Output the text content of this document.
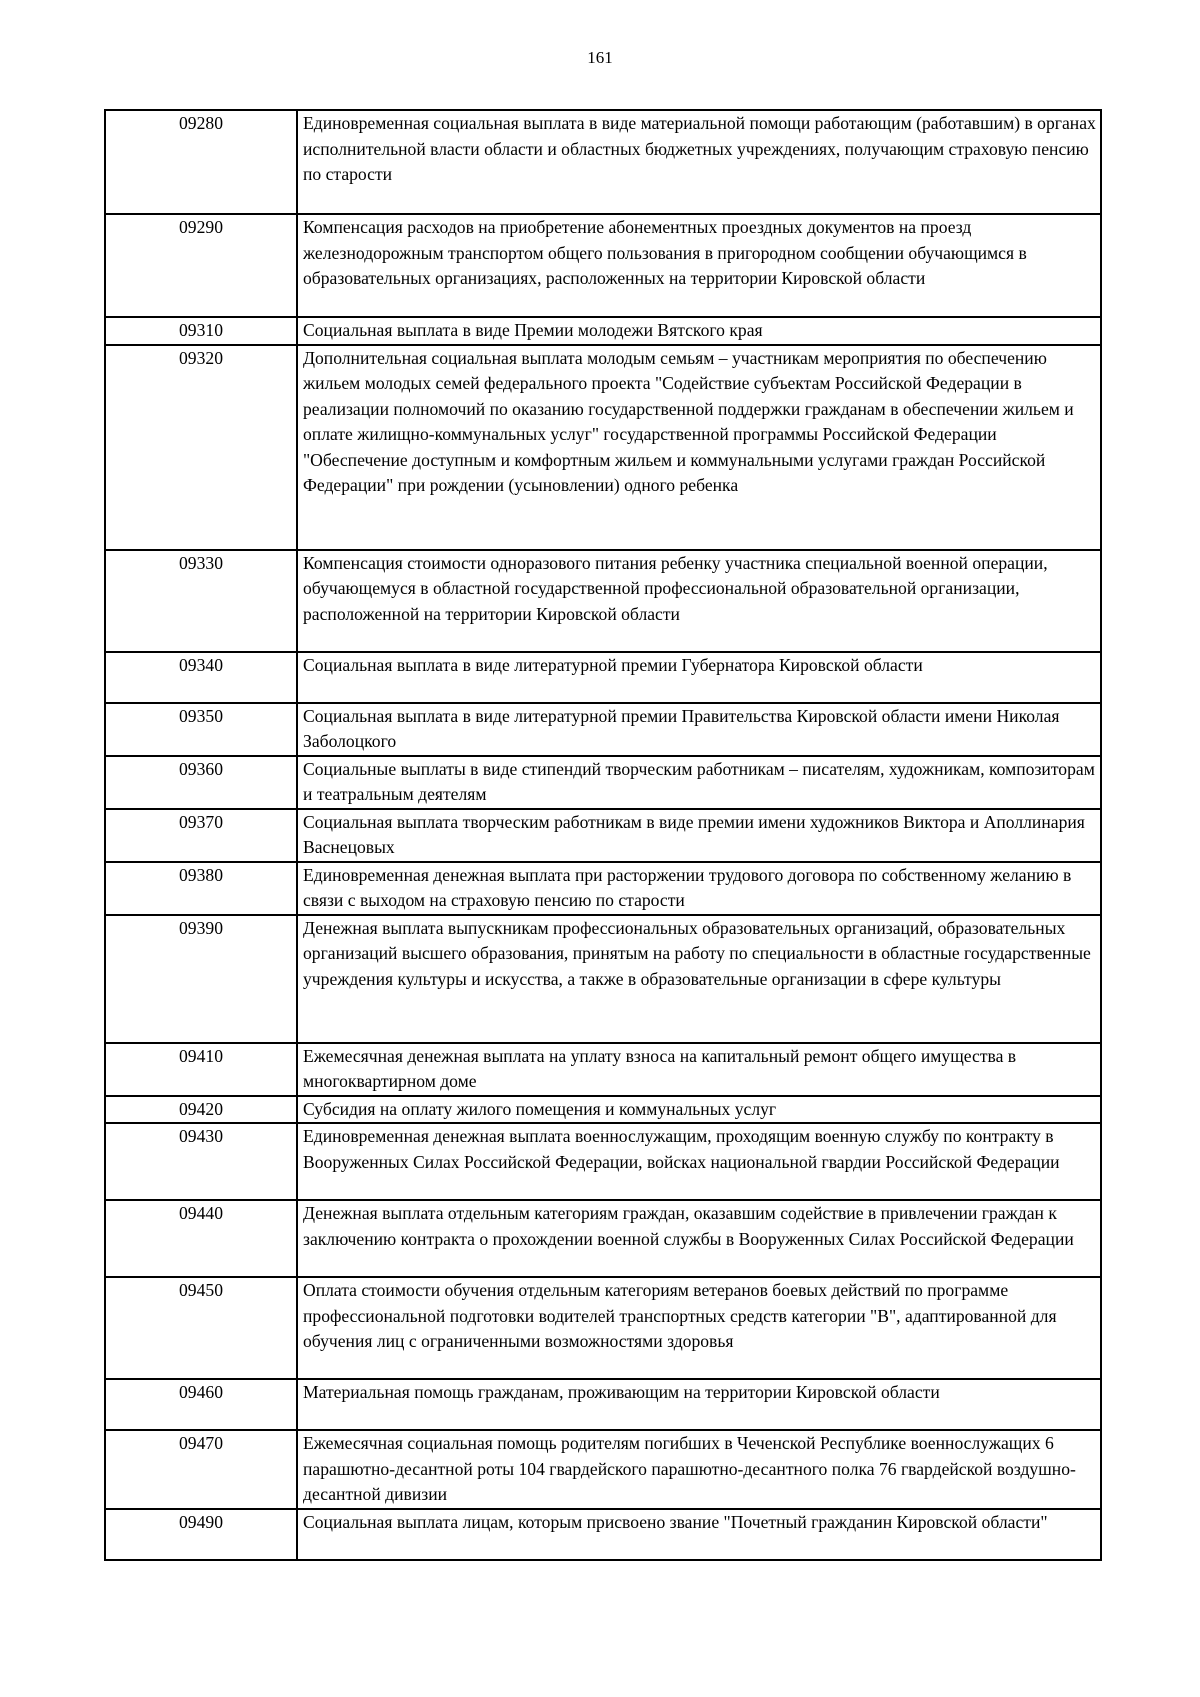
161
09280	Единовременная социальная выплата в виде материальной помощи работающим (работавшим) в органах исполнительной власти области и областных бюджетных учреждениях, получающим страховую пенсию по старости
09290	Компенсация расходов на приобретение абонементных проездных документов на проезд железнодорожным транспортом общего пользования в пригородном сообщении обучающимся в образовательных организациях, расположенных на территории Кировской области
09310	Социальная выплата в виде Премии молодежи Вятского края
09320	Дополнительная социальная выплата молодым семьям – участникам мероприятия по обеспечению жильем молодых семей федерального проекта "Содействие субъектам Российской Федерации в реализации полномочий по оказанию государственной поддержки гражданам в обеспечении жильем и оплате жилищно-коммунальных услуг" государственной программы Российской Федерации "Обеспечение доступным и комфортным жильем и коммунальными услугами граждан Российской Федерации" при рождении (усыновлении) одного ребенка
09330	Компенсация стоимости одноразового питания ребенку участника специальной военной операции, обучающемуся в областной государственной профессиональной образовательной организации, расположенной на территории Кировской области
09340	Социальная выплата в виде литературной премии Губернатора Кировской области
09350	Социальная выплата в виде литературной премии Правительства Кировской области имени Николая Заболоцкого
09360	Социальные выплаты в виде стипендий творческим работникам – писателям, художникам, композиторам и театральным деятелям
09370	Социальная выплата творческим работникам в виде премии имени художников Виктора и Аполлинария Васнецовых
09380	Единовременная денежная выплата при расторжении трудового договора по собственному желанию в связи с выходом на страховую пенсию по старости
09390	Денежная выплата выпускникам профессиональных образовательных организаций, образовательных организаций высшего образования, принятым на работу по специальности в областные государственные учреждения культуры и искусства, а также в образовательные организации в сфере культуры
09410	Ежемесячная денежная выплата на уплату взноса на капитальный ремонт общего имущества в многоквартирном доме
09420	Субсидия на оплату жилого помещения и коммунальных услуг
09430	Единовременная денежная выплата военнослужащим, проходящим военную службу по контракту в Вооруженных Силах Российской Федерации, войсках национальной гвардии Российской Федерации
09440	Денежная выплата отдельным категориям граждан, оказавшим содействие в привлечении граждан к заключению контракта о прохождении военной службы в Вооруженных Силах Российской Федерации
09450	Оплата стоимости обучения отдельным категориям ветеранов боевых действий по программе профессиональной подготовки водителей транспортных средств категории "В", адаптированной для обучения лиц с ограниченными возможностями здоровья
09460	Материальная помощь гражданам, проживающим на территории Кировской области
09470	Ежемесячная социальная помощь родителям погибших в Чеченской Республике военнослужащих 6 парашютно-десантной роты 104 гвардейского парашютно-десантного полка 76 гвардейской воздушно-десантной дивизии
09490	Социальная выплата лицам, которым присвоено звание "Почетный гражданин Кировской области"
